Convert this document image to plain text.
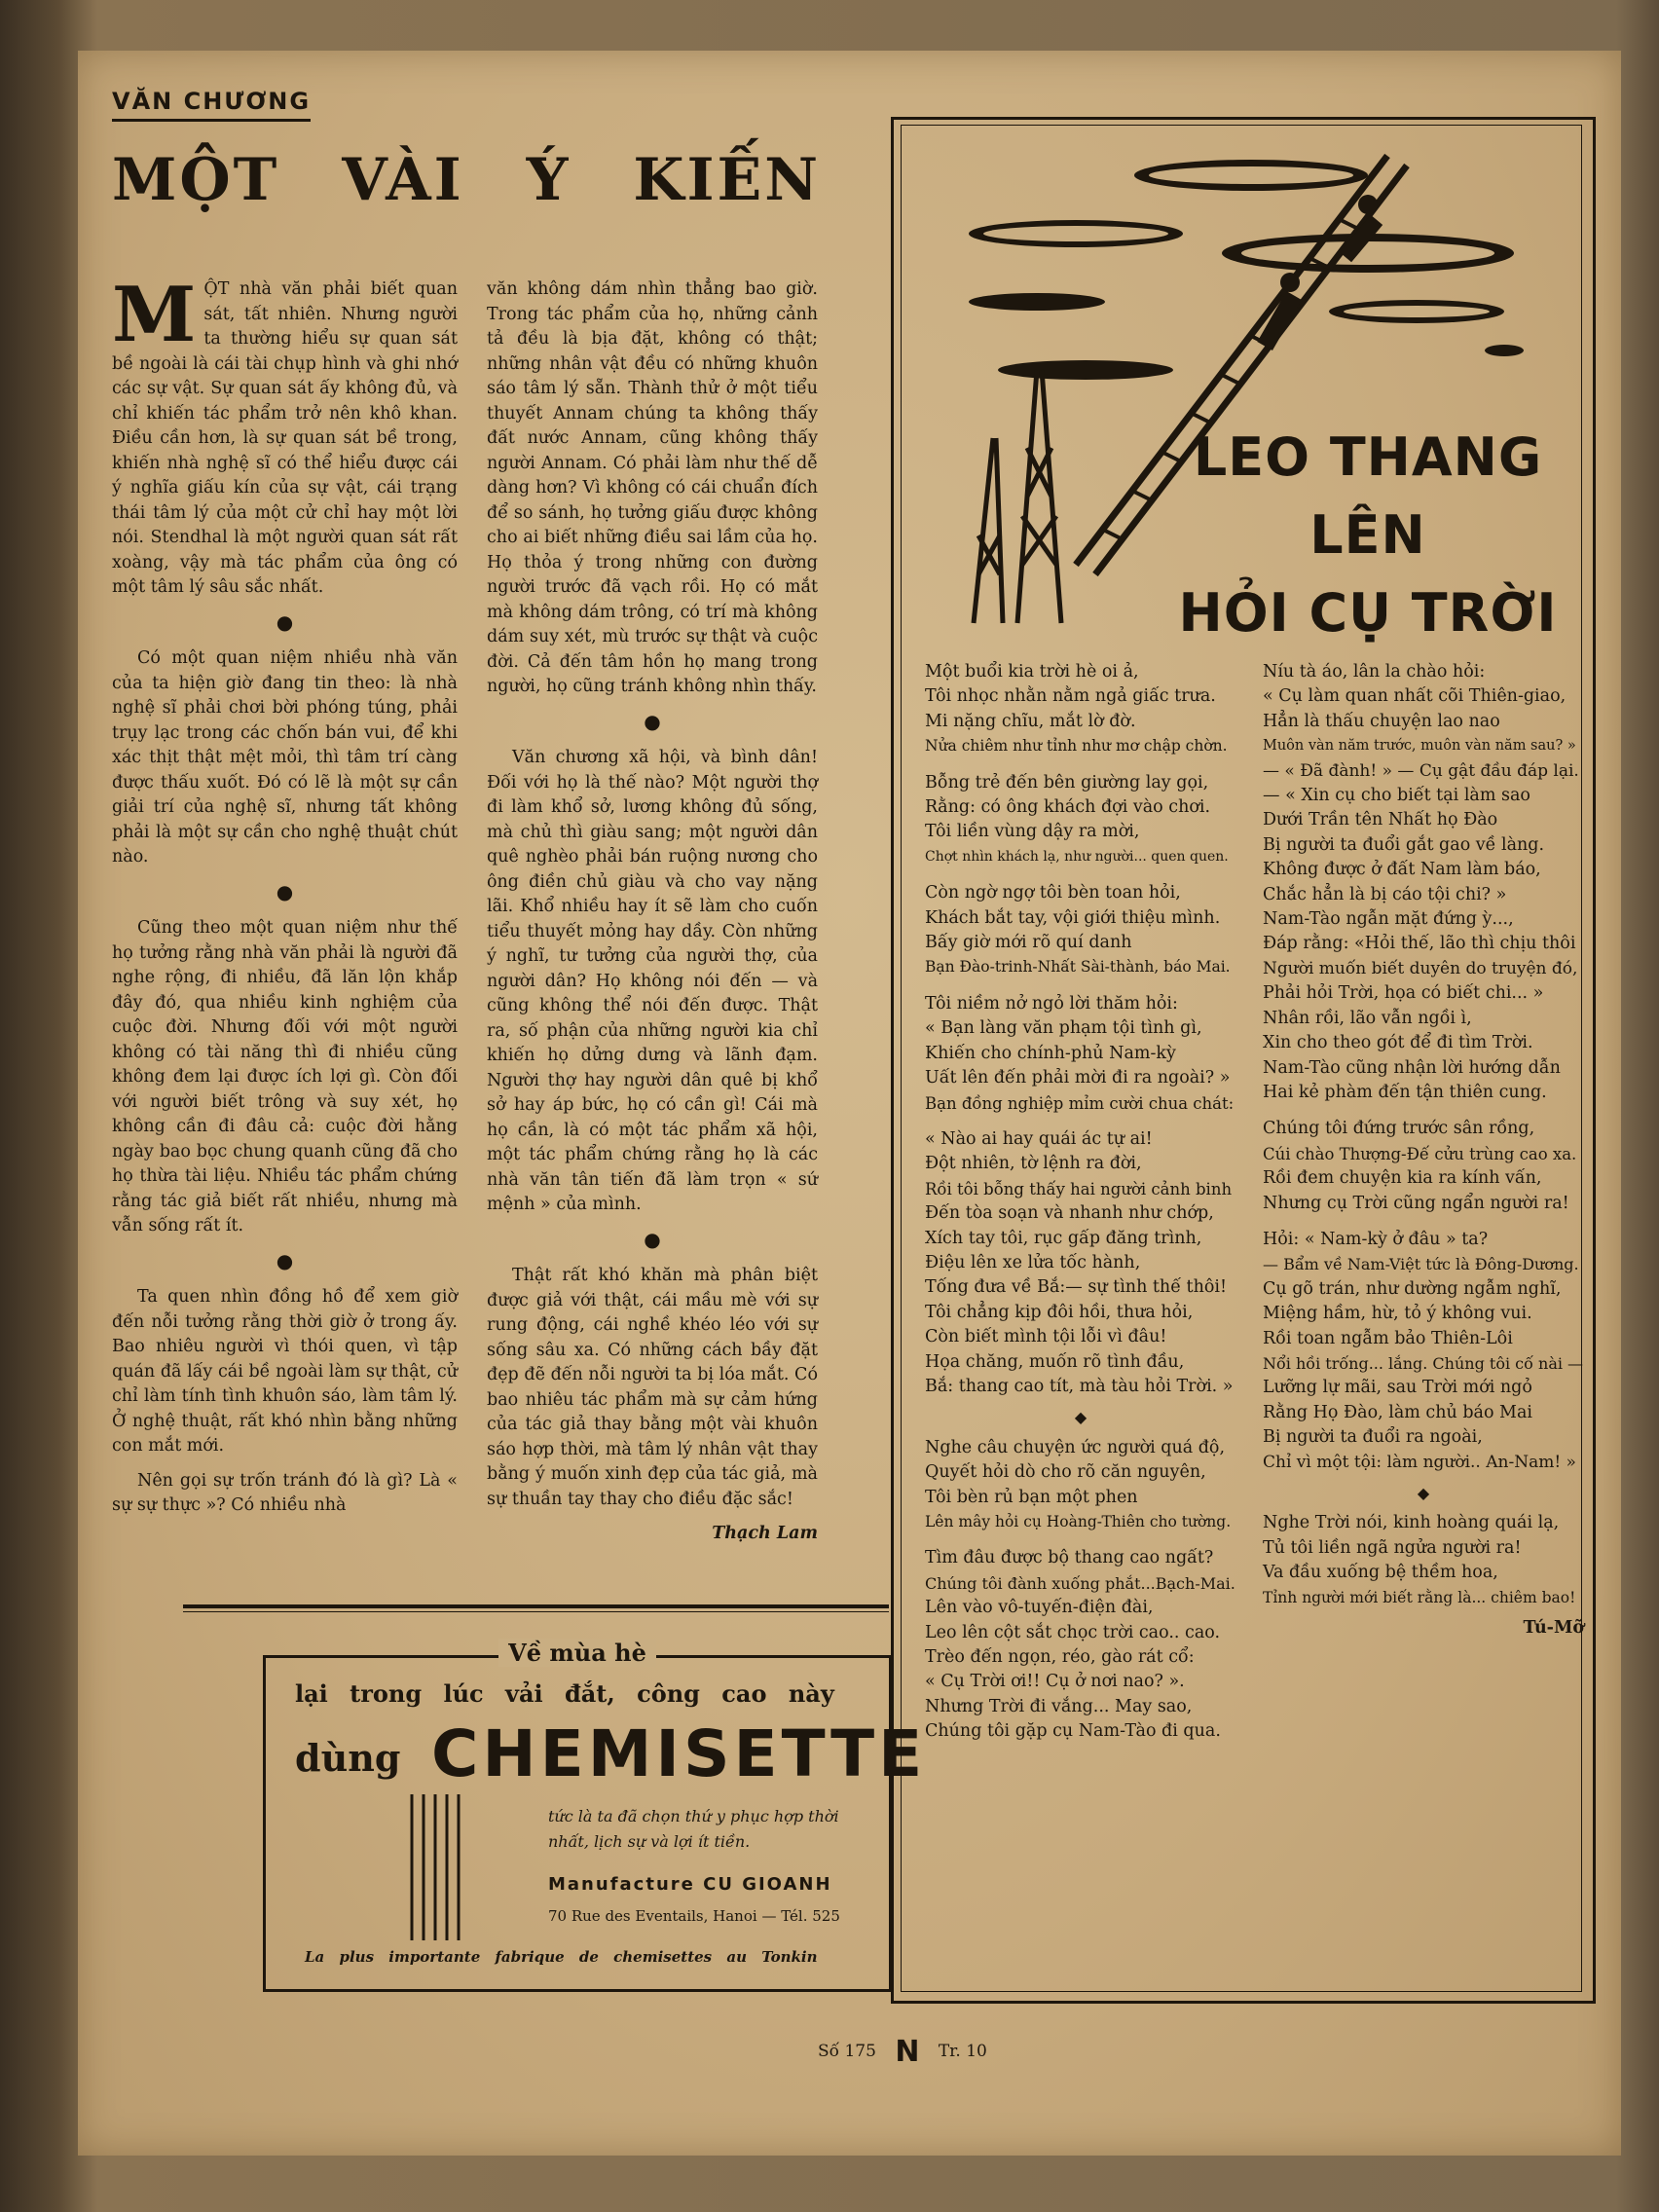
VĂN CHƯƠNG
MỘT VÀI Ý KIẾN

MỘT nhà văn phải biết quan sát, tất nhiên. Nhưng người ta thường hiểu sự quan sát bề ngoài là cái tài chụp hình và ghi nhớ các sự vật. Sự quan sát ấy không đủ, và chỉ khiến tác phẩm trở nên khô khan. Điều cần hơn, là sự quan sát bề trong, khiến nhà nghệ sĩ có thể hiểu được cái ý nghĩa giấu kín của sự vật, cái trạng thái tâm lý của một cử chỉ hay một lời nói. Stendhal là một người quan sát rất xoàng, vậy mà tác phẩm của ông có một tâm lý sâu sắc nhất.

●

Có một quan niệm nhiều nhà văn của ta hiện giờ đang tin theo: là nhà nghệ sĩ phải chơi bời phóng túng, phải trụy lạc trong các chốn bán vui, để khi xác thịt thật mệt mỏi, thì tâm trí càng được thấu xuốt. Đó có lẽ là một sự cần giải trí của nghệ sĩ, nhưng tất không phải là một sự cần cho nghệ thuật chút nào.

●

Cũng theo một quan niệm như thế họ tưởng rằng nhà văn phải là người đã nghe rộng, đi nhiều, đã lăn lộn khắp đây đó, qua nhiều kinh nghiệm của cuộc đời. Nhưng đối với một người không có tài năng thì đi nhiều cũng không đem lại được ích lợi gì. Còn đối với người biết trông và suy xét, họ không cần đi đâu cả: cuộc đời hằng ngày bao bọc chung quanh cũng đã cho họ thừa tài liệu. Nhiều tác phẩm chứng rằng tác giả biết rất nhiều, nhưng mà vẫn sống rất ít.

●

Ta quen nhìn đồng hồ để xem giờ đến nỗi tưởng rằng thời giờ ở trong ấy. Bao nhiêu người vì thói quen, vì tập quán đã lấy cái bề ngoài làm sự thật, cử chỉ làm tính tình khuôn sáo, làm tâm lý. Ở nghệ thuật, rất khó nhìn bằng những con mắt mới.

Nên gọi sự trốn tránh đó là gì? Là « sự sự thực »? Có nhiều nhà

văn không dám nhìn thẳng bao giờ. Trong tác phẩm của họ, những cảnh tả đều là bịa đặt, không có thật; những nhân vật đều có những khuôn sáo tâm lý sẵn. Thành thử ở một tiểu thuyết Annam chúng ta không thấy đất nước Annam, cũng không thấy người Annam. Có phải làm như thế dễ dàng hơn? Vì không có cái chuẩn đích để so sánh, họ tưởng giấu được không cho ai biết những điều sai lầm của họ. Họ thỏa ý trong những con đường người trước đã vạch rồi. Họ có mắt mà không dám trông, có trí mà không dám suy xét, mù trước sự thật và cuộc đời. Cả đến tâm hồn họ mang trong người, họ cũng tránh không nhìn thấy.

●

Văn chương xã hội, và bình dân! Đối với họ là thế nào? Một người thợ đi làm khổ sở, lương không đủ sống, mà chủ thì giàu sang; một người dân quê nghèo phải bán ruộng nương cho ông điền chủ giàu và cho vay nặng lãi. Khổ nhiều hay ít sẽ làm cho cuốn tiểu thuyết mỏng hay dầy. Còn những ý nghĩ, tư tưởng của người thợ, của người dân? Họ không nói đến — và cũng không thể nói đến được. Thật ra, số phận của những người kia chỉ khiến họ dửng dưng và lãnh đạm. Người thợ hay người dân quê bị khổ sở hay áp bức, họ có cần gì! Cái mà họ cần, là có một tác phẩm xã hội, một tác phẩm chứng rằng họ là các nhà văn tân tiến đã làm trọn « sứ mệnh » của mình.

●

Thật rất khó khăn mà phân biệt được giả với thật, cái mầu mè với sự rung động, cái nghề khéo léo với sự sống sâu xa. Có những cách bầy đặt đẹp đẽ đến nỗi người ta bị lóa mắt. Có bao nhiêu tác phẩm mà sự cảm hứng của tác giả thay bằng một vài khuôn sáo hợp thời, mà tâm lý nhân vật thay bằng ý muốn xinh đẹp của tác giả, mà sự thuần tay thay cho điều đặc sắc!

Thạch Lam
Về mùa hè
lại trong lúc vải đắt, công cao này
dùng CHEMISETTE
tức là ta đã chọn thứ y phục hợp thời nhất, lịch sự và lợi ít tiền.
Manufacture CU GIOANH
70 Rue des Eventails, Hanoi — Tél. 525
La plus importante fabrique de chemisettes au Tonkin
LEO THANG LÊN
HỎI CỤ TRỜI
Một buổi kia trời hè oi ả,
Tôi nhọc nhằn nằm ngả giấc trưa.
Mi nặng chĩu, mắt lờ đờ.
Nửa chiêm như tỉnh như mơ chập chờn.
Bỗng trẻ đến bên giường lay gọi,
Rằng: có ông khách đợi vào chơi.
Tôi liền vùng dậy ra mời,
Chợt nhìn khách lạ, như người... quen quen.
Còn ngờ ngợ tôi bèn toan hỏi,
Khách bắt tay, vội giới thiệu mình.
Bấy giờ mới rõ quí danh
Bạn Đào-trinh-Nhất Sài-thành, báo Mai.
Tôi niềm nở ngỏ lời thăm hỏi:
« Bạn làng văn phạm tội tình gì,
Khiến cho chính-phủ Nam-kỳ
Uất lên đến phải mời đi ra ngoài? »
Bạn đồng nghiệp mỉm cười chua chát:
« Nào ai hay quái ác tự ai!
Đột nhiên, tờ lệnh ra đời,
Rồi tôi bỗng thấy hai người cảnh binh
Đến tòa soạn và nhanh như chớp,
Xích tay tôi, rục gấp đăng trình,
Điệu lên xe lửa tốc hành,
Tống đưa về Bắ:— sự tình thế thôi!
Tôi chẳng kịp đôi hồi, thưa hỏi,
Còn biết mình tội lỗi vì đâu!
Họa chăng, muốn rõ tình đầu,
Bắ: thang cao tít, mà tàu hỏi Trời. »
◆
Nghe câu chuyện ức người quá độ,
Quyết hỏi dò cho rõ căn nguyên,
Tôi bèn rủ bạn một phen
Lên mây hỏi cụ Hoàng-Thiên cho tường.
Tìm đâu được bộ thang cao ngất?
Chúng tôi đành xuống phắt...Bạch-Mai.
Lên vào vô-tuyến-điện đài,
Leo lên cột sắt chọc trời cao.. cao.
Trèo đến ngọn, réo, gào rát cổ:
« Cụ Trời ơi!! Cụ ở nơi nao? ».
Nhưng Trời đi vắng... May sao,
Chúng tôi gặp cụ Nam-Tào đi qua.
Níu tà áo, lân la chào hỏi:
« Cụ làm quan nhất cõi Thiên-giao,
Hẳn là thấu chuyện lao nao
Muôn vàn năm trước, muôn vàn năm sau? »
— « Đã đành! » — Cụ gật đầu đáp lại.
— « Xin cụ cho biết tại làm sao
Dưới Trần tên Nhất họ Đào
Bị người ta đuổi gắt gao về làng.
Không được ở đất Nam làm báo,
Chắc hẳn là bị cáo tội chi? »
Nam-Tào ngẫn mặt đứng ỳ...,
Đáp rằng: «Hỏi thế, lão thì chịu thôi
Người muốn biết duyên do truyện đó,
Phải hỏi Trời, họa có biết chi... »
Nhân rồi, lão vẫn ngồi ì,
Xin cho theo gót để đi tìm Trời.
Nam-Tào cũng nhận lời hướng dẫn
Hai kẻ phàm đến tận thiên cung.
Chúng tôi đứng trước sân rồng,
Cúi chào Thượng-Đế cửu trùng cao xa.
Rồi đem chuyện kia ra kính vấn,
Nhưng cụ Trời cũng ngẩn người ra!
Hỏi: « Nam-kỳ ở đâu » ta?
— Bẩm về Nam-Việt tức là Đông-Dương.
Cụ gõ trán, như dường ngẫm nghĩ,
Miệng hầm, hừ, tỏ ý không vui.
Rồi toan ngẫm bảo Thiên-Lôi
Nổi hồi trống... lắng. Chúng tôi cố nài —
Lưỡng lự mãi, sau Trời mới ngỏ
Rằng Họ Đào, làm chủ báo Mai
Bị người ta đuổi ra ngoài,
Chỉ vì một tội: làm người.. An-Nam! »
◆
Nghe Trời nói, kinh hoàng quái lạ,
Tủ tôi liền ngã ngửa người ra!
Va đầu xuống bệ thềm hoa,
Tỉnh người mới biết rằng là... chiêm bao!
Tú-Mỡ
Số 175 N Tr. 10
